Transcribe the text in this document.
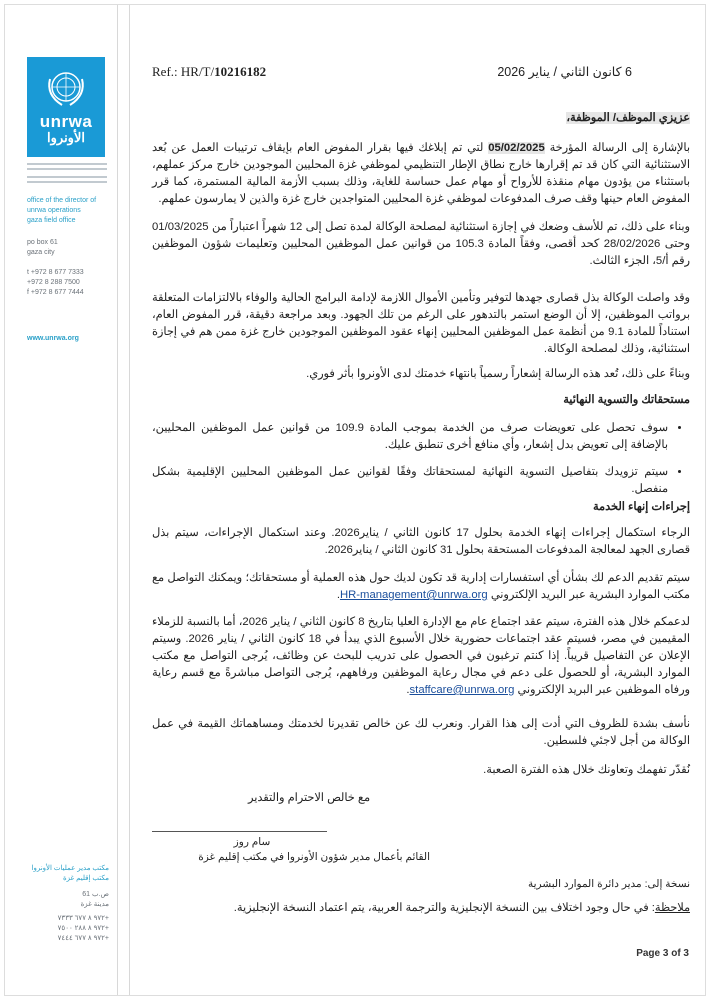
unrwa
الأونروا
office of the director of
unrwa operations
gaza field office
po box 61
gaza city
t +972 8 677 7333
+972 8 288 7500
f +972 8 677 7444
www.unrwa.org
مكتب مدير عمليات الأونروا
مكتب إقليم غزة
ص.ب 61
مدينة غزة
+٩٧٢ ٨ ٦٧٧ ٧٣٣٣
+٩٧٢ ٨ ٢٨٨ ٧٥٠٠
+٩٧٢ ٨ ٦٧٧ ٧٤٤٤
Ref.: HR/T/10216182	6 كانون الثاني / يناير 2026
عزيزي الموظف/ الموظفة،
بالإشارة إلى الرسالة المؤرخة 05/02/2025 لتي تم إبلاغك فيها بقرار المفوض العام بإيقاف ترتيبات العمل عن بُعد الاستثنائية التي كان قد تم إقرارها خارج نطاق الإطار التنظيمي لموظفي غزة المحليين الموجودين خارج مركز عملهم، باستثناء من يؤدون مهام منقذة للأرواح أو مهام عمل حساسة للغاية، وذلك بسبب الأزمة المالية المستمرة، كما قرر المفوض العام حينها وقف صرف المدفوعات لموظفي غزة المحليين المتواجدين خارج غزة والذين لا يمارسون عملهم.
وبناء على ذلك، تم للأسف وضعك في إجازة استثنائية لمصلحة الوكالة لمدة تصل إلى 12 شهراً اعتباراً من 01/03/2025 وحتى 28/02/2026 كحد أقصى، وفقاً المادة 105.3 من قوانين عمل الموظفين المحليين وتعليمات شؤون الموظفين رقم أ/5، الجزء الثالث.
وقد واصلت الوكالة بذل قصارى جهدها لتوفير وتأمين الأموال اللازمة لإدامة البرامج الحالية والوفاء بالالتزامات المتعلقة برواتب الموظفين، إلا أن الوضع استمر بالتدهور على الرغم من تلك الجهود. وبعد مراجعة دقيقة، قرر المفوض العام، استناداً للمادة 9.1 من أنظمة عمل الموظفين المحليين إنهاء عقود الموظفين الموجودين خارج غزة ممن هم في إجازة استثنائية، وذلك لمصلحة الوكالة.
وبناءً على ذلك، تُعد هذه الرسالة إشعاراً رسمياً بانتهاء خدمتك لدى الأونروا بأثر فوري.
مستحقاتك والتسوية النهائية
• سوف تحصل على تعويضات صرف من الخدمة بموجب المادة 109.9 من قوانين عمل الموظفين المحليين، بالإضافة إلى تعويض بدل إشعار، وأي منافع أخرى تنطبق عليك.
• سيتم تزويدك بتفاصيل التسوية النهائية لمستحقاتك وفقًا لقوانين عمل الموظفين المحليين الإقليمية بشكل منفصل.
إجراءات إنهاء الخدمة
الرجاء استكمال إجراءات إنهاء الخدمة بحلول 17 كانون الثاني / يناير2026. وعند استكمال الإجراءات، سيتم بذل قصارى الجهد لمعالجة المدفوعات المستحقة بحلول 31 كانون الثاني / يناير2026.
سيتم تقديم الدعم لك بشأن أي استفسارات إدارية قد تكون لديك حول هذه العملية أو مستحقاتك؛ ويمكنك التواصل مع مكتب الموارد البشرية عبر البريد الإلكتروني HR-management@unrwa.org.
لدعمكم خلال هذه الفترة، سيتم عقد اجتماع عام مع الإدارة العليا بتاريخ 8 كانون الثاني / يناير 2026، أما بالنسبة للزملاء المقيمين في مصر، فسيتم عقد اجتماعات حضورية خلال الأسبوع الذي يبدأ في 18 كانون الثاني / يناير 2026. وسيتم الإعلان عن التفاصيل قريباً. إذا كنتم ترغبون في الحصول على تدريب للبحث عن وظائف، يُرجى التواصل مع مكتب الموارد البشرية، أو للحصول على دعم في مجال رعاية الموظفين ورفاههم، يُرجى التواصل مباشرةً مع قسم رعاية ورفاه الموظفين عبر البريد الإلكتروني staffcare@unrwa.org.
نأسف بشدة للظروف التي أدت إلى هذا القرار. ونعرب لك عن خالص تقديرنا لخدمتك ومساهماتك القيمة في عمل الوكالة من أجل لاجئي فلسطين.
نُقدّر تفهمك وتعاونك خلال هذه الفترة الصعبة.
مع خالص الاحترام والتقدير
سام روز
القائم بأعمال مدير شؤون الأونروا في مكتب إقليم غزة
نسخة إلى: مدير دائرة الموارد البشرية
ملاحظة: في حال وجود اختلاف بين النسخة الإنجليزية والترجمة العربية، يتم اعتماد النسخة الإنجليزية.
Page 3 of 3
